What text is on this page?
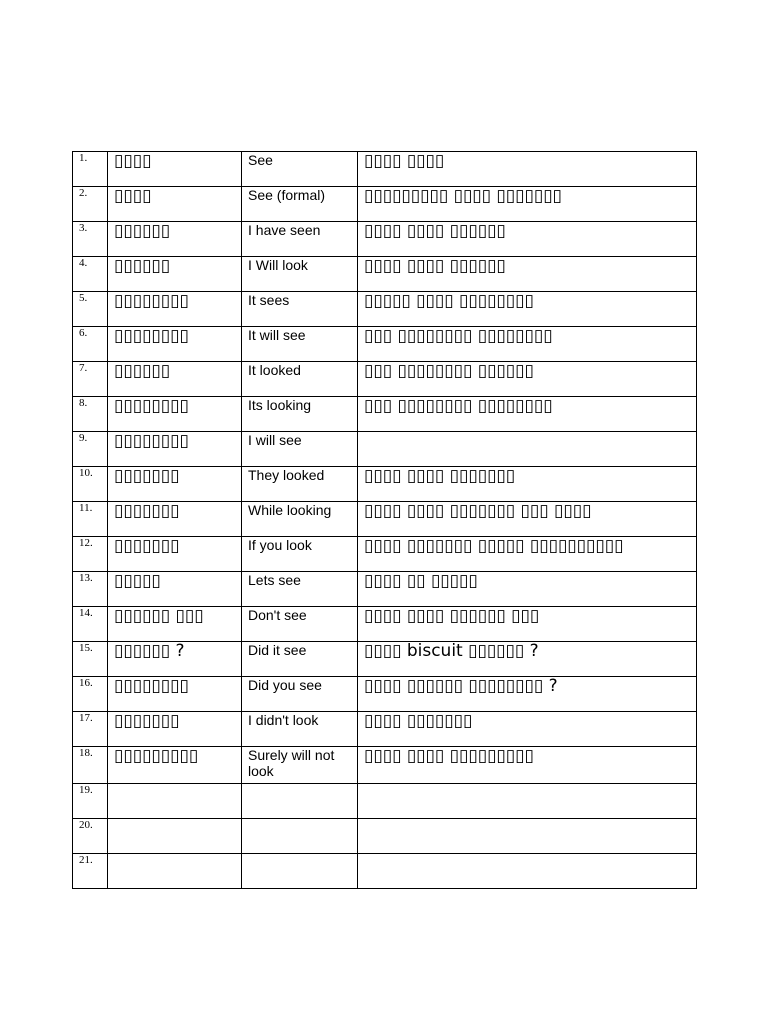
1.	▯▯▯▯	See	▯▯▯▯ ▯▯▯▯
2.	▯▯▯▯	See (formal)	▯▯▯▯▯▯▯▯▯ ▯▯▯▯ ▯▯▯▯▯▯▯
3.	▯▯▯▯▯▯	I have seen	▯▯▯▯ ▯▯▯▯ ▯▯▯▯▯▯
4.	▯▯▯▯▯▯	I Will look	▯▯▯▯ ▯▯▯▯ ▯▯▯▯▯▯
5.	▯▯▯▯▯▯▯▯	It sees	▯▯▯▯▯ ▯▯▯▯ ▯▯▯▯▯▯▯▯
6.	▯▯▯▯▯▯▯▯	It will see	▯▯▯ ▯▯▯▯▯▯▯▯ ▯▯▯▯▯▯▯▯
7.	▯▯▯▯▯▯	It looked	▯▯▯ ▯▯▯▯▯▯▯▯ ▯▯▯▯▯▯
8.	▯▯▯▯▯▯▯▯	Its looking	▯▯▯ ▯▯▯▯▯▯▯▯ ▯▯▯▯▯▯▯▯
9.	▯▯▯▯▯▯▯▯	I will see	
10.	▯▯▯▯▯▯▯	They looked	▯▯▯▯ ▯▯▯▯ ▯▯▯▯▯▯▯
11.	▯▯▯▯▯▯▯	While looking	▯▯▯▯ ▯▯▯▯ ▯▯▯▯▯▯▯ ▯▯▯ ▯▯▯▯
12.	▯▯▯▯▯▯▯	If you look	▯▯▯▯ ▯▯▯▯▯▯▯ ▯▯▯▯▯ ▯▯▯▯▯▯▯▯▯▯
13.	▯▯▯▯▯	Lets see	▯▯▯▯ ▯▯ ▯▯▯▯▯
14.	▯▯▯▯▯▯ ▯▯▯	Don't see	▯▯▯▯ ▯▯▯▯ ▯▯▯▯▯▯ ▯▯▯
15.	▯▯▯▯▯▯ ?	Did it see	▯▯▯▯ biscuit ▯▯▯▯▯▯ ?
16.	▯▯▯▯▯▯▯▯	Did you see	▯▯▯▯ ▯▯▯▯▯▯ ▯▯▯▯▯▯▯▯ ?
17.	▯▯▯▯▯▯▯	I didn't look	▯▯▯▯ ▯▯▯▯▯▯▯
18.	▯▯▯▯▯▯▯▯▯	Surely will not look	▯▯▯▯ ▯▯▯▯ ▯▯▯▯▯▯▯▯▯
19.			
20.			
21.			
